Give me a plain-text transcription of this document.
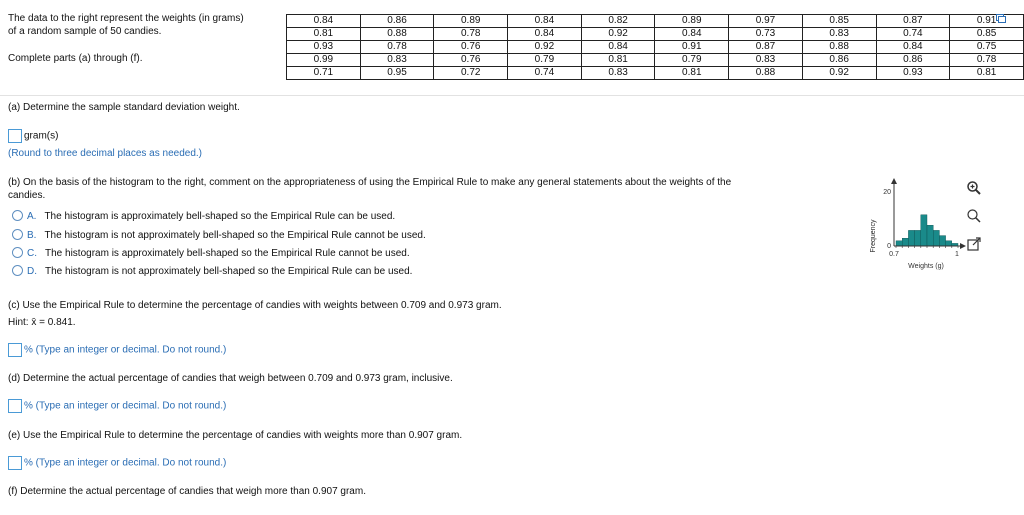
The data to the right represent the weights (in grams)

of a random sample of 50 candies.

Complete parts (a) through (f).

0.84	0.86	0.89	0.84	0.82	0.89	0.97	0.85	0.87	0.91
0.81	0.88	0.78	0.84	0.92	0.84	0.73	0.83	0.74	0.85
0.93	0.78	0.76	0.92	0.84	0.91	0.87	0.88	0.84	0.75
0.99	0.83	0.76	0.79	0.81	0.79	0.83	0.86	0.86	0.78
0.71	0.95	0.72	0.74	0.83	0.81	0.88	0.92	0.93	0.81
(a) Determine the sample standard deviation weight.
gram(s)
(Round to three decimal places as needed.)
(b) On the basis of the histogram to the right, comment on the appropriateness of using the Empirical Rule to make any general statements about the weights of the
candies.
A. The histogram is approximately bell-shaped so the Empirical Rule can be used.
B. The histogram is not approximately bell-shaped so the Empirical Rule cannot be used.
C. The histogram is approximately bell-shaped so the Empirical Rule cannot be used.
D. The histogram is not approximately bell-shaped so the Empirical Rule can be used.
Frequency
20
0
0.7	1
Weights (g)
(c) Use the Empirical Rule to determine the percentage of candies with weights between 0.709 and 0.973 gram.
Hint: x̄ = 0.841.
% (Type an integer or decimal. Do not round.)
(d) Determine the actual percentage of candies that weigh between 0.709 and 0.973 gram, inclusive.
% (Type an integer or decimal. Do not round.)
(e) Use the Empirical Rule to determine the percentage of candies with weights more than 0.907 gram.
% (Type an integer or decimal. Do not round.)
(f) Determine the actual percentage of candies that weigh more than 0.907 gram.
